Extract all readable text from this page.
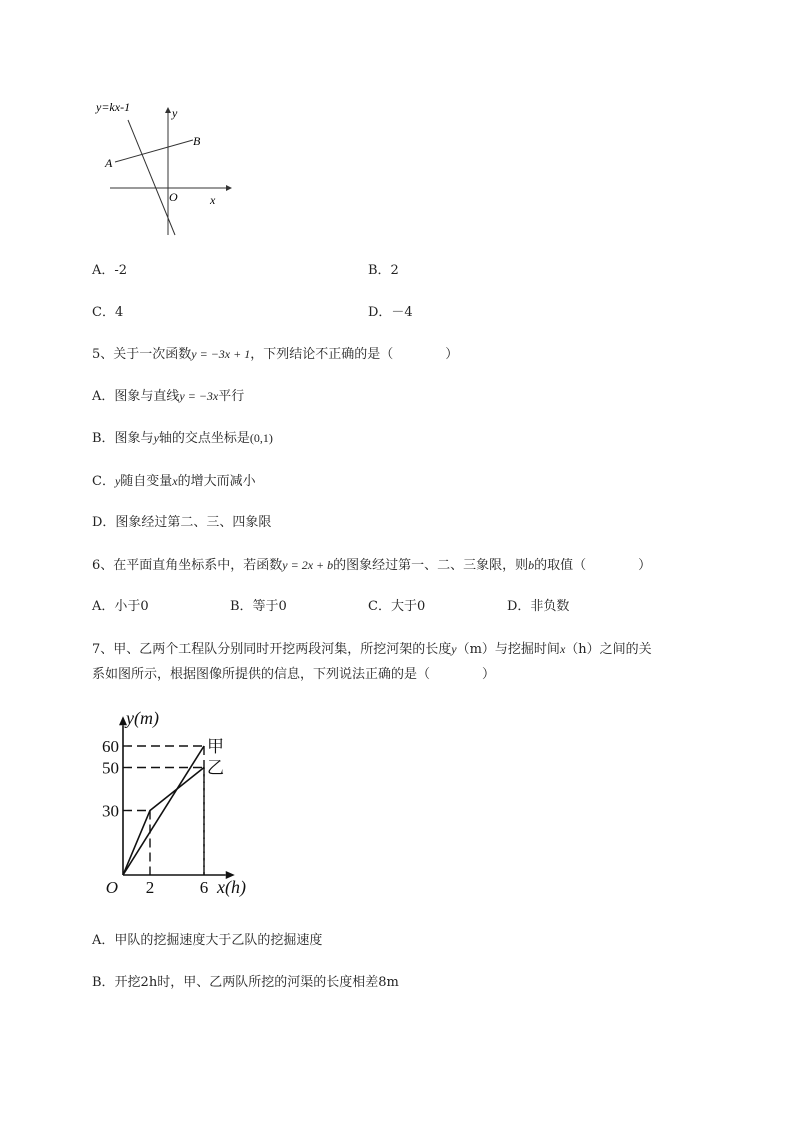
y=kx-1	y
x
O
A
B
A．-2	B．2
C．4	D．－4
5、关于一次函数y = −3x + 1，下列结论不正确的是（　　　　）
A．图象与直线y = −3x平行
B．图象与y轴的交点坐标是(0,1)
C．y随自变量x的增大而减小
D．图象经过第二、三、四象限
6、在平面直角坐标系中，若函数y = 2x + b的图象经过第一、二、三象限，则b的取值（　　　　）
A．小于0	B．等于0	C．大于0	D．非负数
7、甲、乙两个工程队分别同时开挖两段河集，所挖河架的长度y（m）与挖掘时间x（h）之间的关
系如图所示，根据图像所提供的信息，下列说法正确的是（　　　　）
甲
乙
30
50
60
2	6
O
y(m)
x(h)
A．甲队的挖掘速度大于乙队的挖掘速度
B．开挖2h时，甲、乙两队所挖的河渠的长度相差8m
